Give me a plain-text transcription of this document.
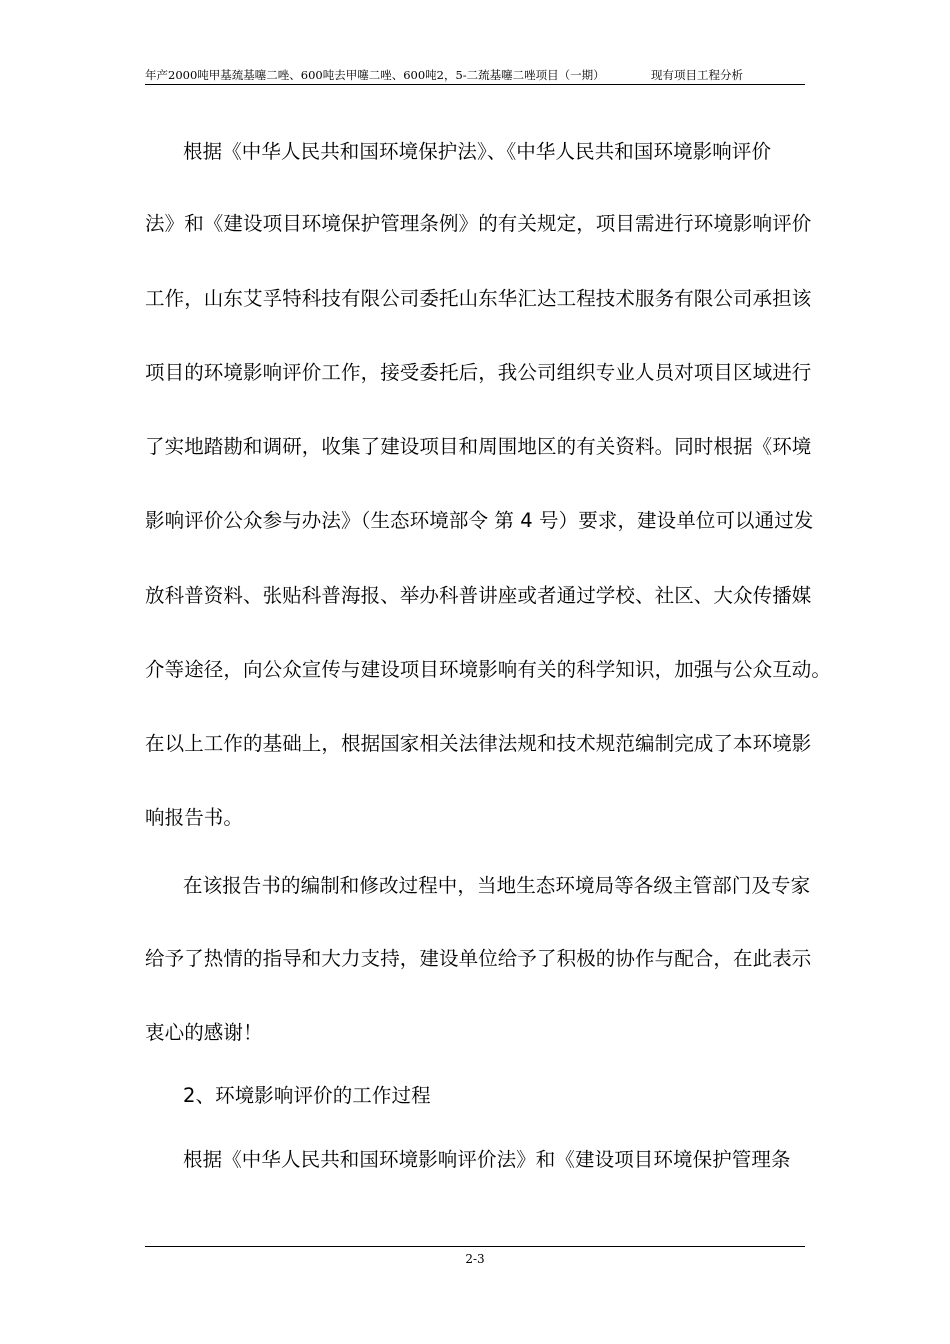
年产2000吨甲基巯基噻二唑、600吨去甲噻二唑、600吨2，5-二巯基噻二唑项目（一期）	现有项目工程分析
根据《中华人民共和国环境保护法》、《中华人民共和国环境影响评价
法》和《建设项目环境保护管理条例》的有关规定，项目需进行环境影响评价
工作，山东艾孚特科技有限公司委托山东华汇达工程技术服务有限公司承担该
项目的环境影响评价工作，接受委托后，我公司组织专业人员对项目区域进行
了实地踏勘和调研，收集了建设项目和周围地区的有关资料。同时根据《环境
影响评价公众参与办法》（生态环境部令 第 4 号）要求，建设单位可以通过发
放科普资料、张贴科普海报、举办科普讲座或者通过学校、社区、大众传播媒
介等途径，向公众宣传与建设项目环境影响有关的科学知识，加强与公众互动。
在以上工作的基础上，根据国家相关法律法规和技术规范编制完成了本环境影
响报告书。
在该报告书的编制和修改过程中，当地生态环境局等各级主管部门及专家
给予了热情的指导和大力支持，建设单位给予了积极的协作与配合，在此表示
衷心的感谢！
2、环境影响评价的工作过程
根据《中华人民共和国环境影响评价法》和《建设项目环境保护管理条
2-3
